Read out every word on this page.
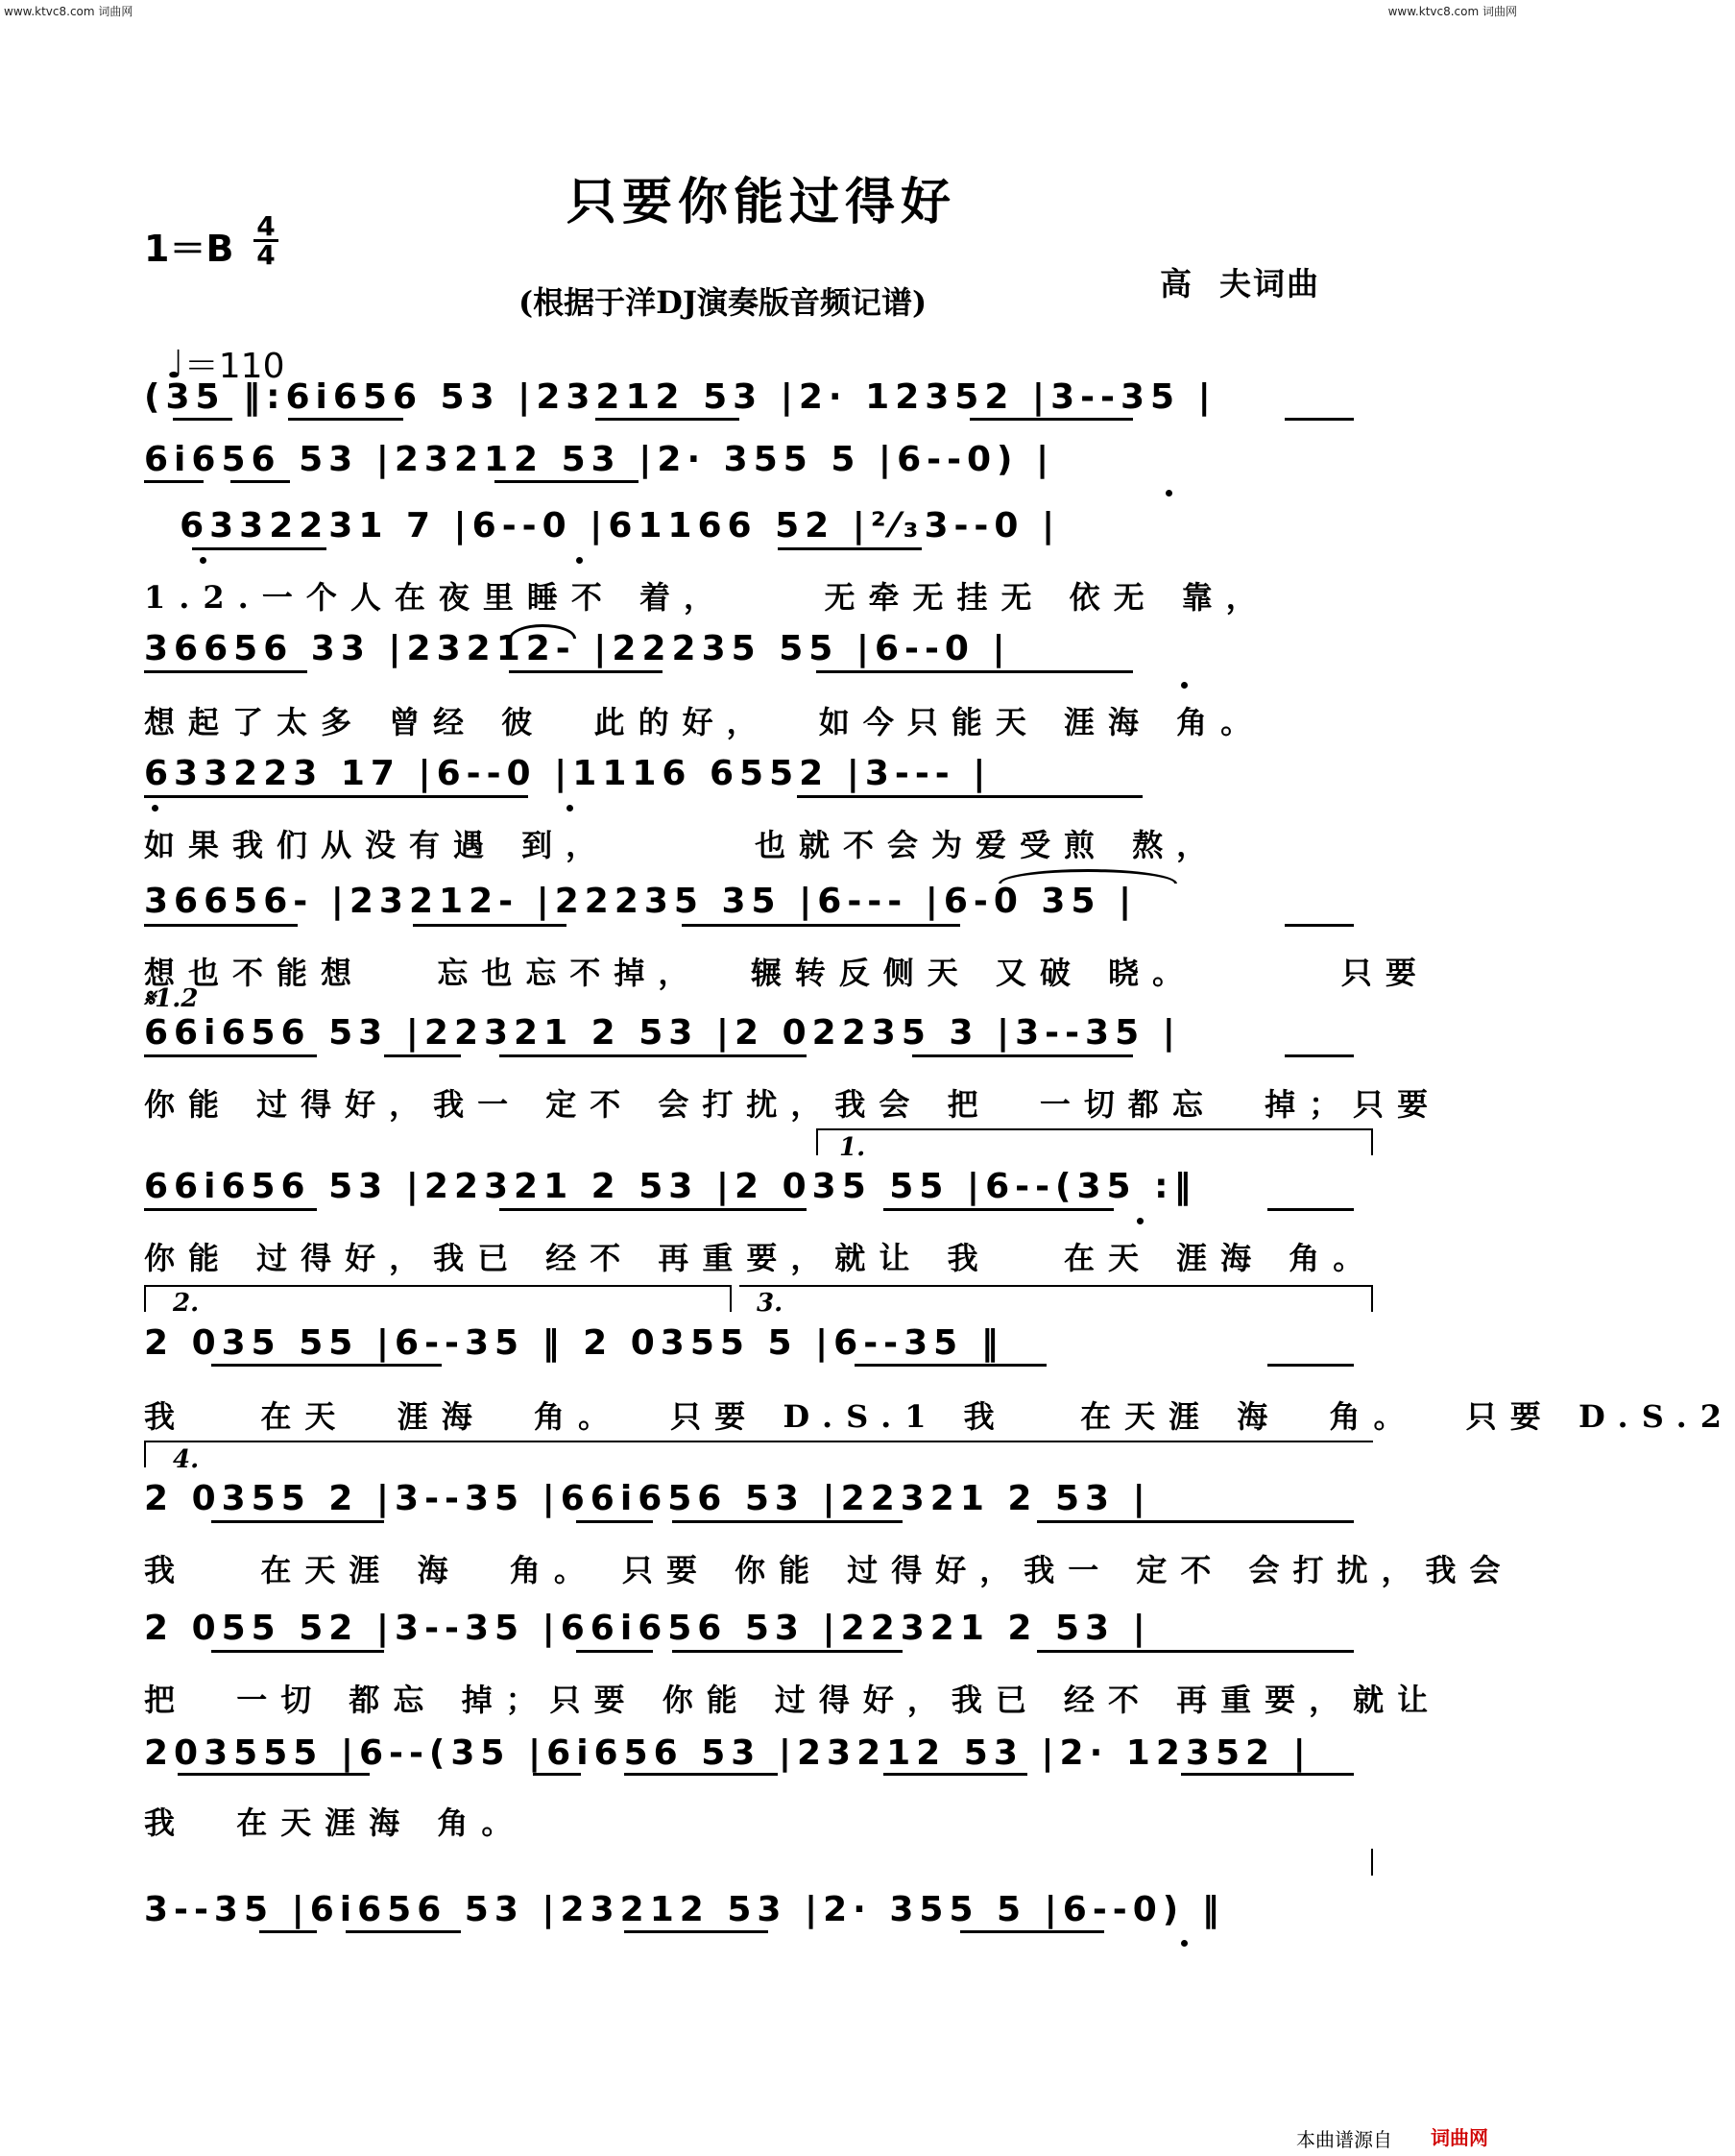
www.ktvc8.com 词曲网	www.ktvc8.com 词曲网
只要你能过得好
1＝B
4
4

♩＝110

(根据于洋DJ演奏版音频记谱)	高  夫词曲
(35 ‖:6i656 53 |23212 53 |2· 12352 |3--35 |
6i656 53 |23212 53 |2· 355 5 |6--0) |
6332231 7 |6--0 |61166 52 |²⁄₃3--0 |
1.2.一个人在夜里睡不 着，    无牵无挂无 依无 靠，
36656 33 |23212- |22235 55 |6--0 |
想起了太多 曾经 彼  此的好，  如今只能天 涯海 角。
633223 17 |6--0 |1116 6552 |3--- |
如果我们从没有遇 到，      也就不会为爱受煎 熬，
36656- |23212- |22235 35 |6--- |6-0 35 |
想也不能想   忘也忘不掉，  辗转反侧天 又破 晓。      只要
𝄋1.2
66i656 53 |22321 2 53 |2 02235 3 |3--35 |
你能 过得好，我一 定不 会打扰，我会 把  一切都忘  掉；只要
1.
66i656 53 |22321 2 53 |2 035 55 |6--(35 :‖
你能 过得好，我已 经不 再重要，就让 我   在天 涯海 角。
2.	3.
2 035 55 |6--35 ‖ 2 0355 5 |6--35 ‖
我   在天  涯海  角。  只要 D.S.1 我   在天涯 海  角。  只要 D.S.2
4.
2 0355 2 |3--35 |66i656 53 |22321 2 53 |
我   在天涯 海  角。 只要 你能 过得好，我一 定不 会打扰，我会
2 055 52 |3--35 |66i656 53 |22321 2 53 |
把  一切 都忘 掉；只要 你能 过得好，我已 经不 再重要，就让
203555 |6--(35 |6i656 53 |23212 53 |2· 12352 |
我  在天涯海 角。
3--35 |6i656 53 |23212 53 |2· 355 5 |6--0) ‖
本曲谱源自 词曲网
